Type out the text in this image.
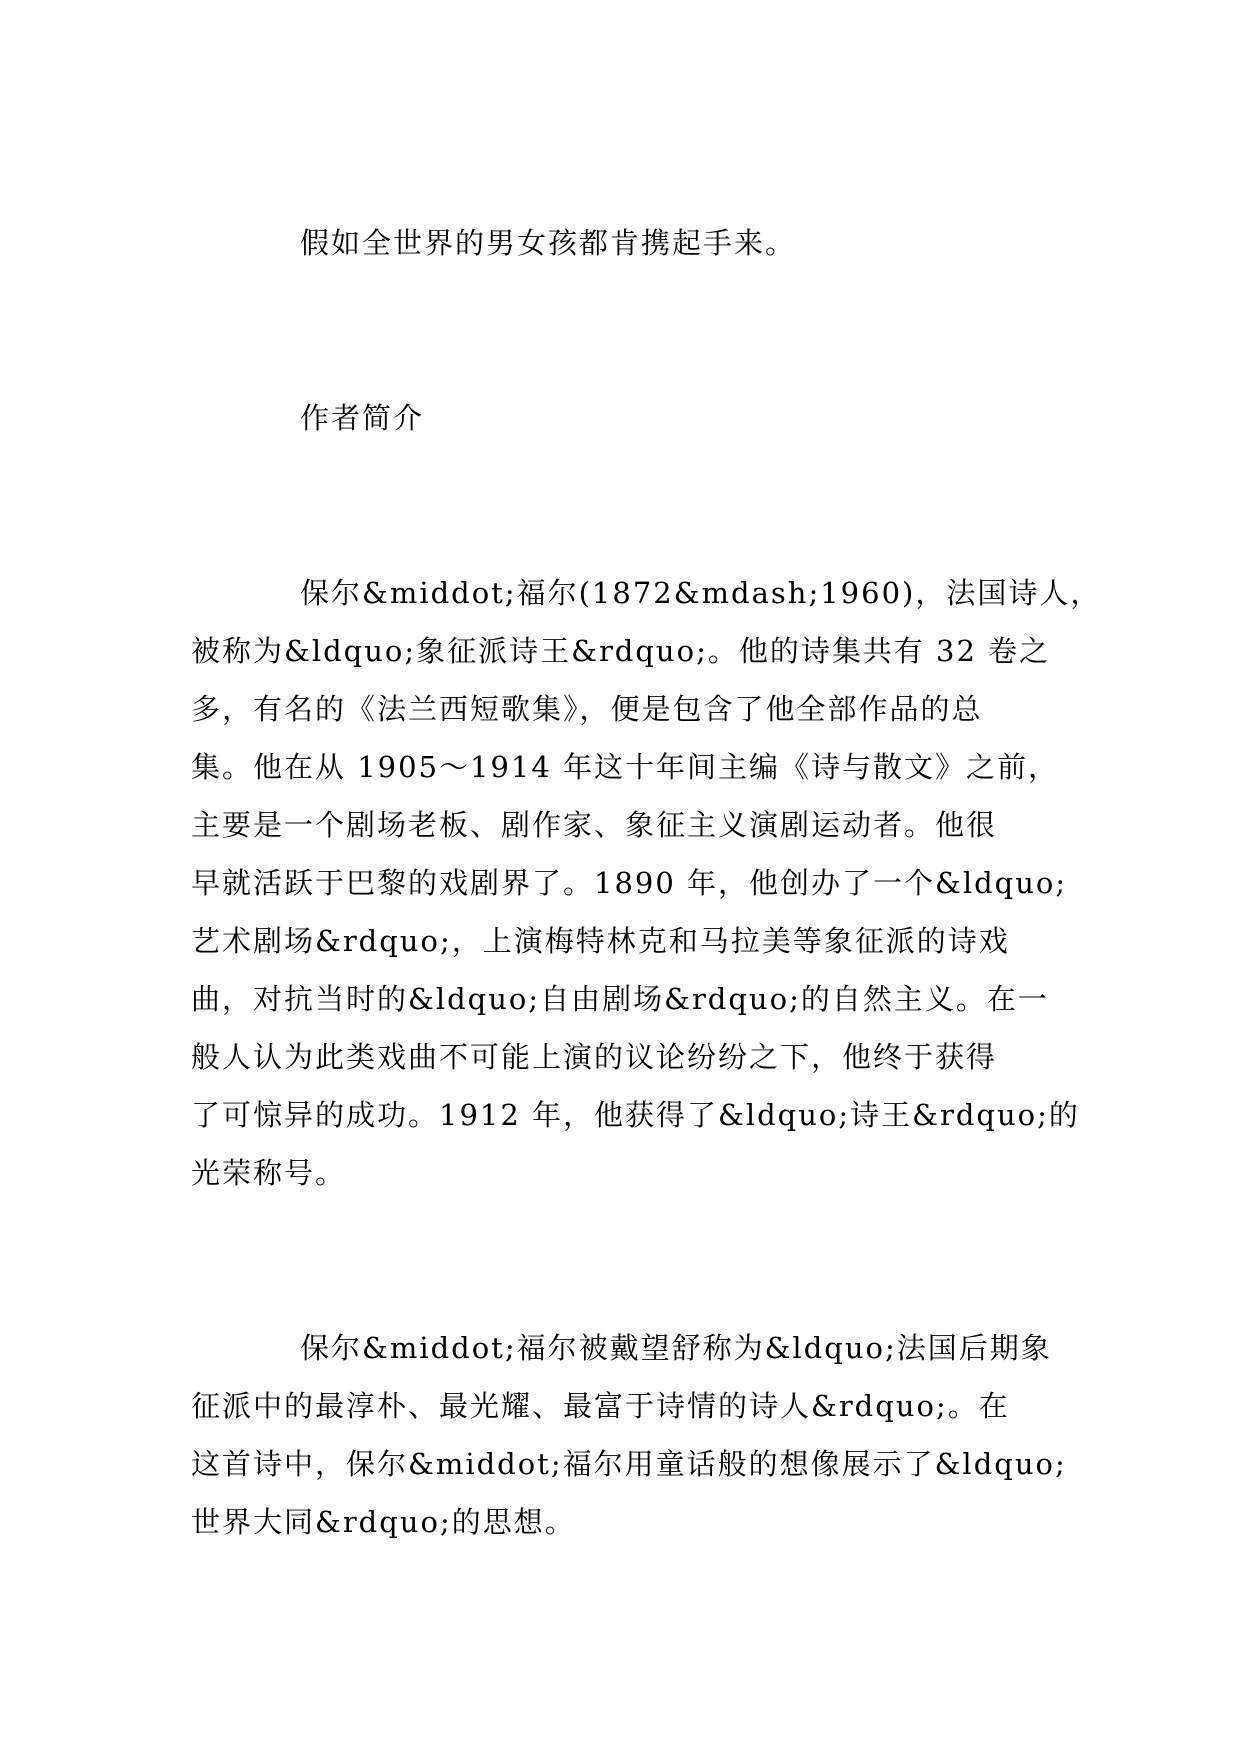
假如全世界的男女孩都肯携起手来。
作者简介
保尔&middot;福尔(1872&mdash;1960)，法国诗人，
被称为&ldquo;象征派诗王&rdquo;。他的诗集共有 32 卷之
多，有名的《法兰西短歌集》，便是包含了他全部作品的总
集。他在从 1905～1914 年这十年间主编《诗与散文》之前，
主要是一个剧场老板、剧作家、象征主义演剧运动者。他很
早就活跃于巴黎的戏剧界了。1890 年，他创办了一个&ldquo;
艺术剧场&rdquo;，上演梅特林克和马拉美等象征派的诗戏
曲，对抗当时的&ldquo;自由剧场&rdquo;的自然主义。在一
般人认为此类戏曲不可能上演的议论纷纷之下，他终于获得
了可惊异的成功。1912 年，他获得了&ldquo;诗王&rdquo;的
光荣称号。
保尔&middot;福尔被戴望舒称为&ldquo;法国后期象
征派中的最淳朴、最光耀、最富于诗情的诗人&rdquo;。在
这首诗中，保尔&middot;福尔用童话般的想像展示了&ldquo;
世界大同&rdquo;的思想。
